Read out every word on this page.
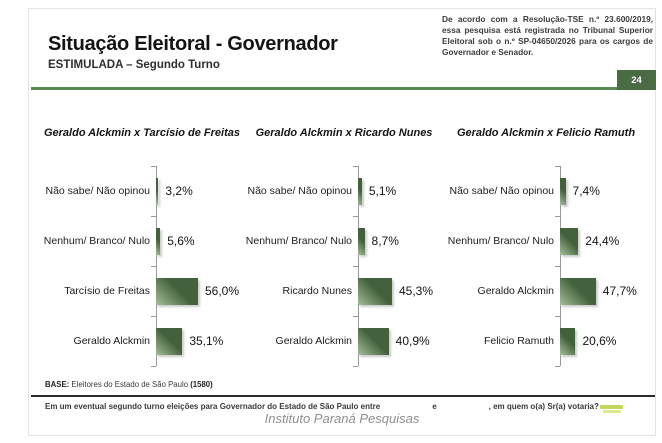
Situação Eleitoral - Governador
ESTIMULADA – Segundo Turno
De acordo com a Resolução-TSE n.º 23.600/2019, essa pesquisa está registrada no Tribunal Superior Eleitoral sob o n.º SP-04650/2026 para os cargos de Governador e Senador.
24
Geraldo Alckmin x Tarcísio de Freitas
Não sabe/ Não opinou	3,2%
Nenhum/ Branco/ Nulo	5,6%
Tarcísio de Freitas	56,0%
Geraldo Alckmin	35,1%
Geraldo Alckmin x Ricardo Nunes
Não sabe/ Não opinou	5,1%
Nenhum/ Branco/ Nulo	8,7%
Ricardo Nunes	45,3%
Geraldo Alckmin	40,9%
Geraldo Alckmin x Felicio Ramuth
Não sabe/ Não opinou	7,4%
Nenhum/ Branco/ Nulo	24,4%
Geraldo Alckmin	47,7%
Felicio Ramuth	20,6%
BASE: Eleitores do Estado de São Paulo (1580)
Em um eventual segundo turno eleições para Governador do Estado de São Paulo entre	e	, em quem o(a) Sr(a) votaria?
Instituto Paraná Pesquisas
